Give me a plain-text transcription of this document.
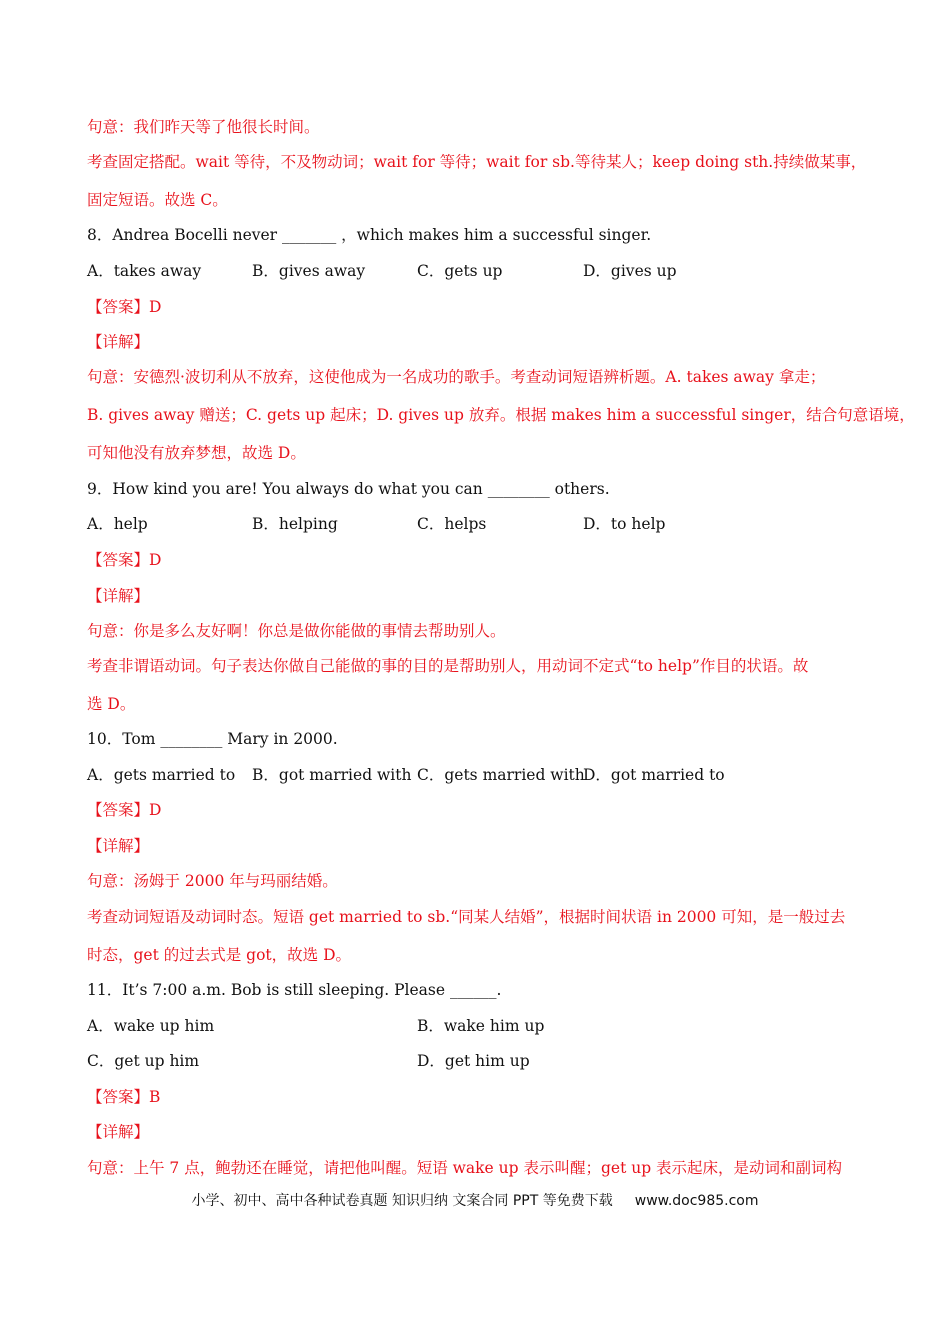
句意：我们昨天等了他很长时间。
考查固定搭配。wait 等待，不及物动词；wait for 等待；wait for sb.等待某人；keep doing sth.持续做某事，
固定短语。故选 C。
8．Andrea Bocelli never _______ ，which makes him a successful singer.
A．takes away	B．gives away	C．gets up	D．gives up
【答案】D
【详解】
句意：安德烈·波切利从不放弃，这使他成为一名成功的歌手。考查动词短语辨析题。A. takes away 拿走；
B. gives away 赠送；C. gets up 起床；D. gives up 放弃。根据 makes him a successful singer，结合句意语境，
可知他没有放弃梦想，故选 D。
9．How kind you are! You always do what you can ________ others.
A．help	B．helping	C．helps	D．to help
【答案】D
【详解】
句意：你是多么友好啊！你总是做你能做的事情去帮助别人。
考查非谓语动词。句子表达你做自己能做的事的目的是帮助别人，用动词不定式“to help”作目的状语。故
选 D。
10．Tom ________ Mary in 2000.
A．gets married to B．got married with C．gets married with
D．got married to
【答案】D
【详解】
句意：汤姆于 2000 年与玛丽结婚。
考查动词短语及动词时态。短语 get married to sb.“同某人结婚”，根据时间状语 in 2000 可知，是一般过去
时态，get 的过去式是 got，故选 D。
11．It’s 7:00 a.m. Bob is still sleeping. Please ______.
A．wake up him	B．wake him up
C．get up him	D．get him up
【答案】B
【详解】
句意：上午 7 点，鲍勃还在睡觉，请把他叫醒。短语 wake up 表示叫醒；get up 表示起床，是动词和副词构
小学、初中、高中各种试卷真题 知识归纳 文案合同 PPT 等免费下载 www.doc985.com
